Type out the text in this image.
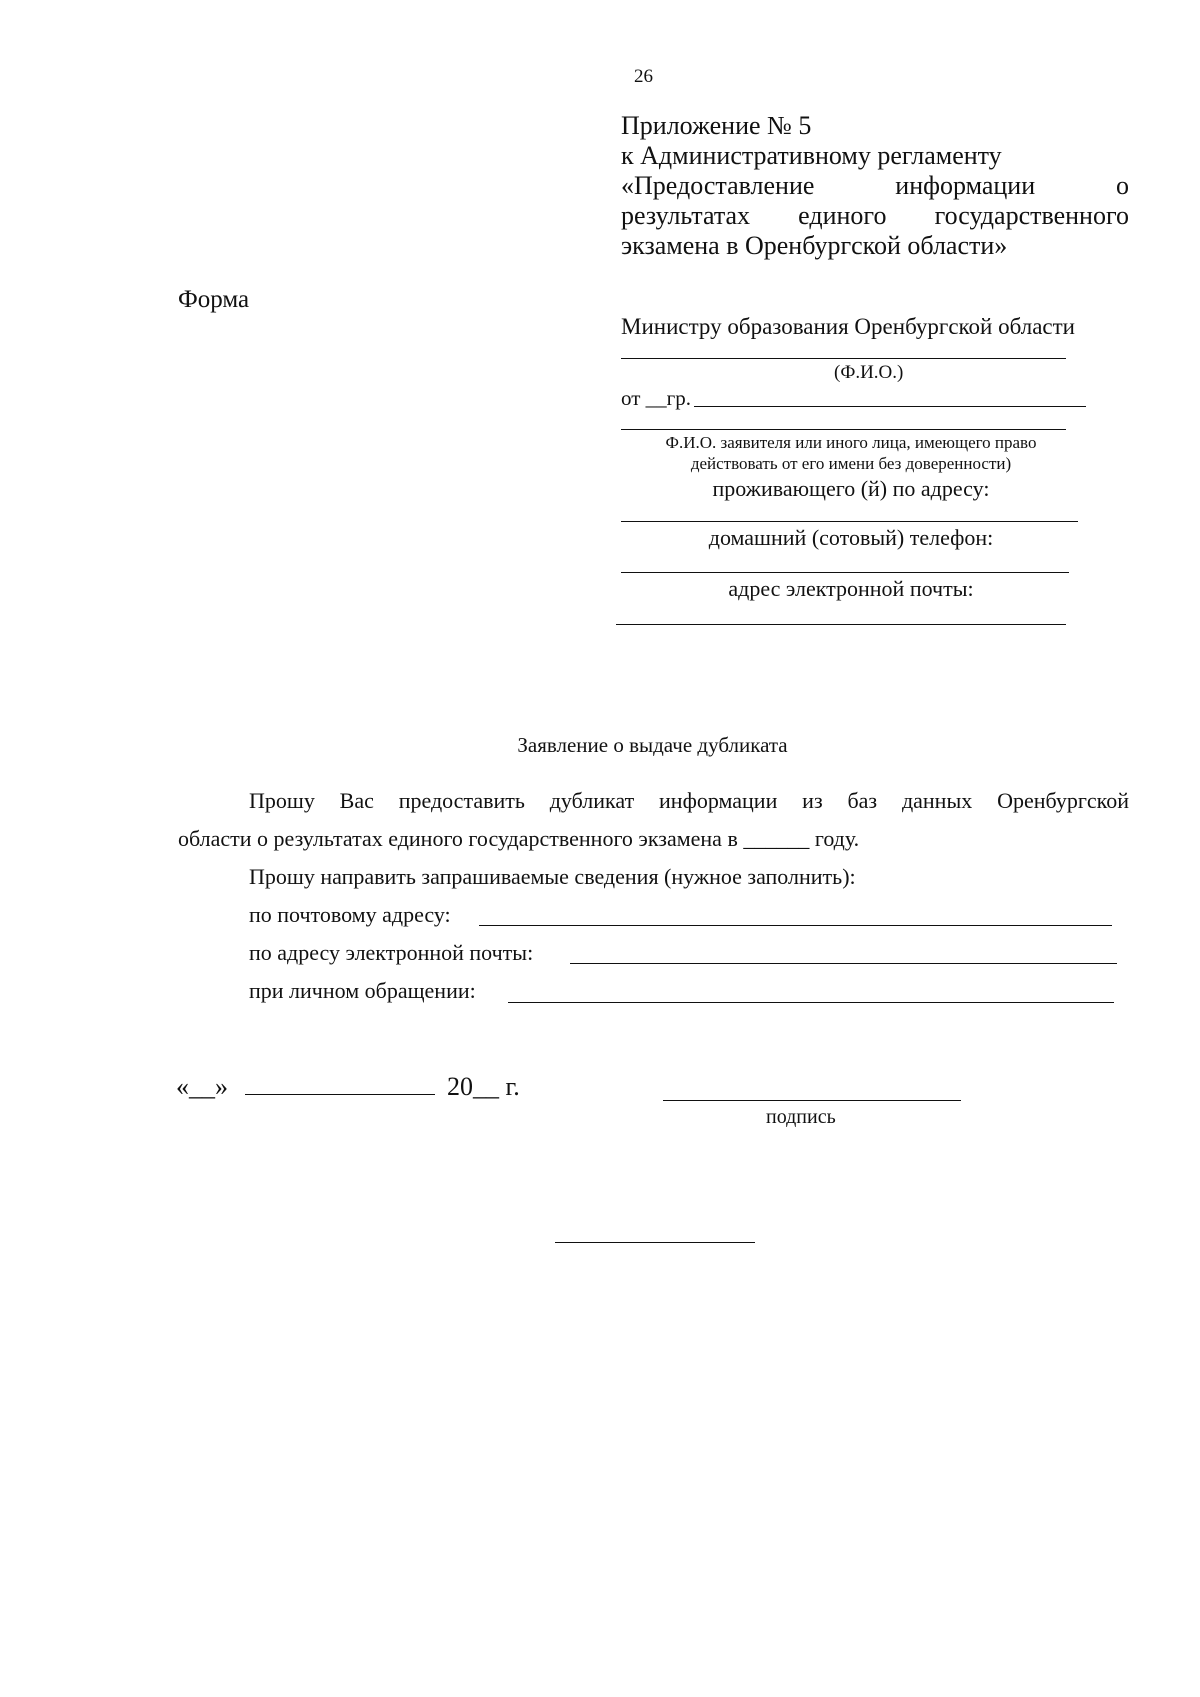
26
Приложение № 5
к Административному регламенту
«Предоставление	информации	о
результатах единого государственного
экзамена в Оренбургской области»
Форма
Министру образования Оренбургской области
(Ф.И.О.)
от __гр.
Ф.И.О. заявителя или иного лица, имеющего право
действовать от его имени без доверенности)
проживающего (й) по адресу:
домашний (сотовый) телефон:
адрес электронной почты:
Заявление о выдаче дубликата
Прошу Вас предоставить дубликат информации из баз данных Оренбургской
области о результатах единого государственного экзамена в ______ году.
Прошу направить запрашиваемые сведения (нужное заполнить):
по почтовому адресу:
по адресу электронной почты:
при личном обращении:
«__»	20__ г.
подпись
